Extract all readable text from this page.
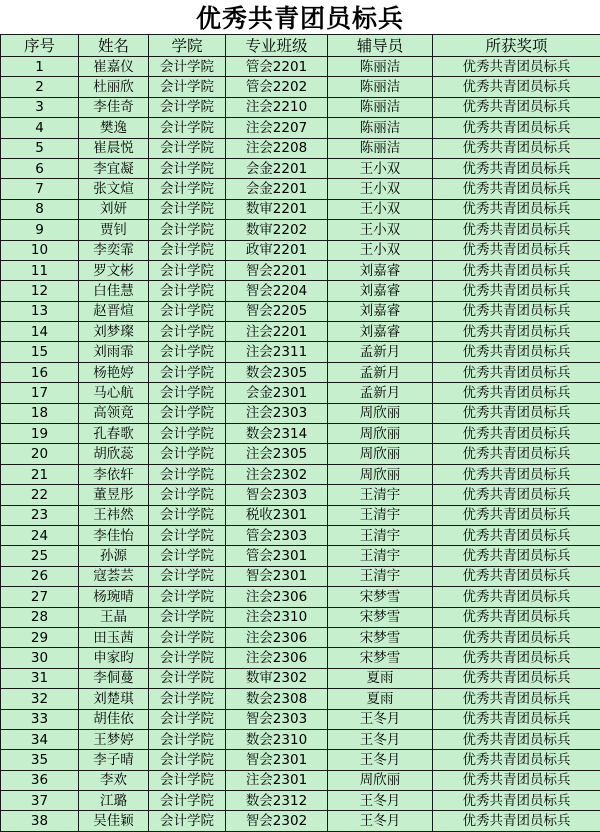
优秀共青团员标兵
序号	姓名	学院	专业班级	辅导员	所获奖项
1	崔嘉仪	会计学院	管会2201	陈丽洁	优秀共青团员标兵
2	杜丽欣	会计学院	管会2202	陈丽洁	优秀共青团员标兵
3	李佳奇	会计学院	注会2210	陈丽洁	优秀共青团员标兵
4	樊逸	会计学院	注会2207	陈丽洁	优秀共青团员标兵
5	崔晨悦	会计学院	注会2208	陈丽洁	优秀共青团员标兵
6	李宜凝	会计学院	会金2201	王小双	优秀共青团员标兵
7	张文煊	会计学院	会金2201	王小双	优秀共青团员标兵
8	刘妍	会计学院	数审2201	王小双	优秀共青团员标兵
9	贾钊	会计学院	数审2202	王小双	优秀共青团员标兵
10	李奕霏	会计学院	政审2201	王小双	优秀共青团员标兵
11	罗文彬	会计学院	智会2201	刘嘉睿	优秀共青团员标兵
12	白佳慧	会计学院	智会2204	刘嘉睿	优秀共青团员标兵
13	赵晋煊	会计学院	智会2205	刘嘉睿	优秀共青团员标兵
14	刘梦璨	会计学院	注会2201	刘嘉睿	优秀共青团员标兵
15	刘雨霏	会计学院	注会2311	孟新月	优秀共青团员标兵
16	杨艳婷	会计学院	数会2305	孟新月	优秀共青团员标兵
17	马心航	会计学院	会金2301	孟新月	优秀共青团员标兵
18	高领竟	会计学院	注会2303	周欣丽	优秀共青团员标兵
19	孔春歌	会计学院	数会2314	周欣丽	优秀共青团员标兵
20	胡欣蕊	会计学院	注会2305	周欣丽	优秀共青团员标兵
21	李依轩	会计学院	注会2302	周欣丽	优秀共青团员标兵
22	董昱彤	会计学院	智会2303	王清宇	优秀共青团员标兵
23	王祎然	会计学院	税收2301	王清宇	优秀共青团员标兵
24	李佳怡	会计学院	管会2303	王清宇	优秀共青团员标兵
25	孙源	会计学院	管会2301	王清宇	优秀共青团员标兵
26	寇荟芸	会计学院	智会2301	王清宇	优秀共青团员标兵
27	杨琬晴	会计学院	注会2306	宋梦雪	优秀共青团员标兵
28	王晶	会计学院	注会2310	宋梦雪	优秀共青团员标兵
29	田玉茜	会计学院	注会2306	宋梦雪	优秀共青团员标兵
30	申家昀	会计学院	注会2306	宋梦雪	优秀共青团员标兵
31	李侗蔓	会计学院	数审2302	夏雨	优秀共青团员标兵
32	刘楚琪	会计学院	数会2308	夏雨	优秀共青团员标兵
33	胡佳依	会计学院	智会2303	王冬月	优秀共青团员标兵
34	王梦婷	会计学院	数会2310	王冬月	优秀共青团员标兵
35	李子晴	会计学院	智会2301	王冬月	优秀共青团员标兵
36	李欢	会计学院	注会2301	周欣丽	优秀共青团员标兵
37	江璐	会计学院	数会2312	王冬月	优秀共青团员标兵
38	吴佳颖	会计学院	智会2302	王冬月	优秀共青团员标兵
